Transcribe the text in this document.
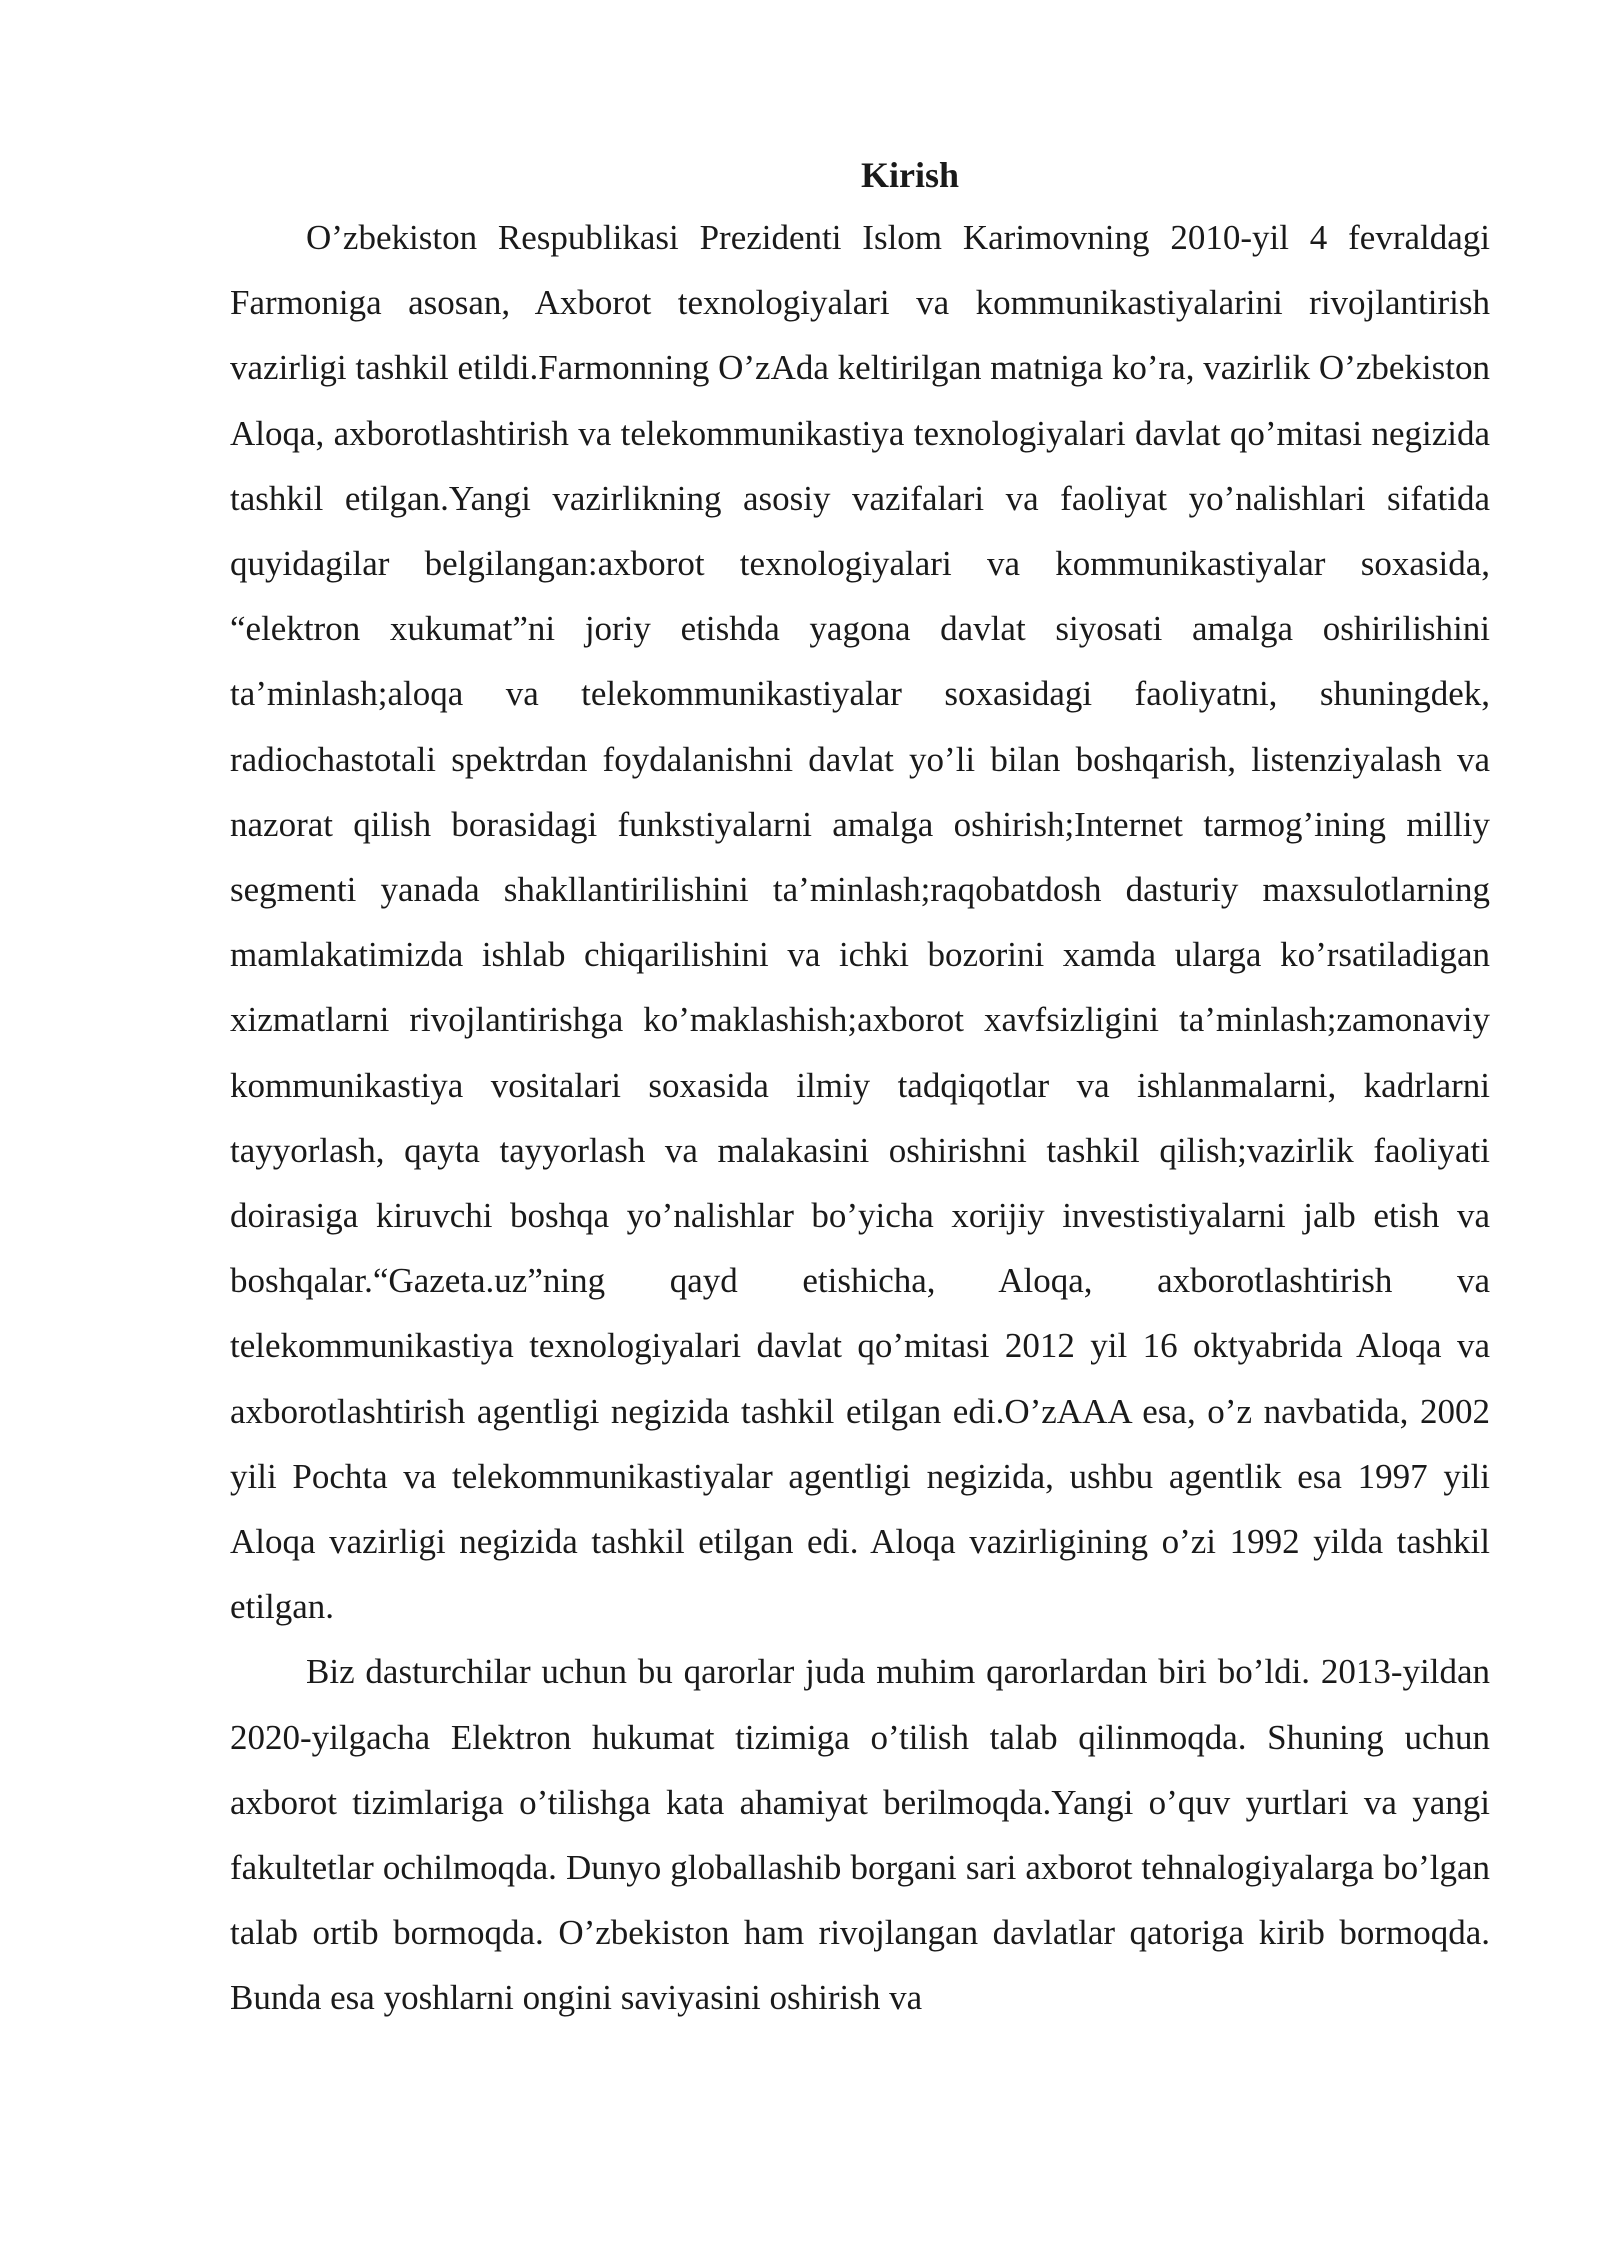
Kirish

O’zbekiston Respublikasi Prezidenti Islom Karimovning 2010-yil 4 fevraldagi Farmoniga asosan, Axborot texnologiyalari va kommunikastiyalarini rivojlantirish vazirligi tashkil etildi.Farmonning O’zAda keltirilgan matniga ko’ra, vazirlik O’zbekiston Aloqa, axborotlashtirish va telekommunikastiya texnologiyalari davlat qo’mitasi negizida tashkil etilgan.Yangi vazirlikning asosiy vazifalari va faoliyat yo’nalishlari sifatida quyidagilar belgilangan:axborot texnologiyalari va kommunikastiyalar soxasida, “elektron xukumat”ni joriy etishda yagona davlat siyosati amalga oshirilishini ta’minlash;aloqa va telekommunikastiyalar soxasidagi faoliyatni, shuningdek, radiochastotali spektrdan foydalanishni davlat yo’li bilan boshqarish, listenziyalash va nazorat qilish borasidagi funkstiyalarni amalga oshirish;Internet tarmog’ining milliy segmenti yanada shakllantirilishini ta’minlash;raqobatdosh dasturiy maxsulotlarning mamlakatimizda ishlab chiqarilishini va ichki bozorini xamda ularga ko’rsatiladigan xizmatlarni rivojlantirishga ko’maklashish;axborot xavfsizligini ta’minlash;zamonaviy kommunikastiya vositalari soxasida ilmiy tadqiqotlar va ishlanmalarni, kadrlarni tayyorlash, qayta tayyorlash va malakasini oshirishni tashkil qilish;vazirlik faoliyati doirasiga kiruvchi boshqa yo’nalishlar bo’yicha xorijiy investistiyalarni jalb etish va boshqalar.“Gazeta.uz”ning qayd etishicha, Aloqa, axborotlashtirish va telekommunikastiya texnologiyalari davlat qo’mitasi 2012 yil 16 oktyabrida Aloqa va axborotlashtirish agentligi negizida tashkil etilgan edi.O’zAAA esa, o’z navbatida, 2002 yili Pochta va telekommunikastiyalar agentligi negizida, ushbu agentlik esa 1997 yili Aloqa vazirligi negizida tashkil etilgan edi. Aloqa vazirligining o’zi 1992 yilda tashkil etilgan.

Biz dasturchilar uchun bu qarorlar juda muhim qarorlardan biri bo’ldi. 2013-yildan 2020-yilgacha Elektron hukumat tizimiga o’tilish talab qilinmoqda. Shuning uchun axborot tizimlariga o’tilishga kata ahamiyat berilmoqda.Yangi o’quv yurtlari va yangi fakultetlar ochilmoqda. Dunyo globallashib borgani sari axborot tehnalogiyalarga bo’lgan talab ortib bormoqda. O’zbekiston ham rivojlangan davlatlar qatoriga kirib bormoqda. Bunda esa yoshlarni ongini saviyasini oshirish va
